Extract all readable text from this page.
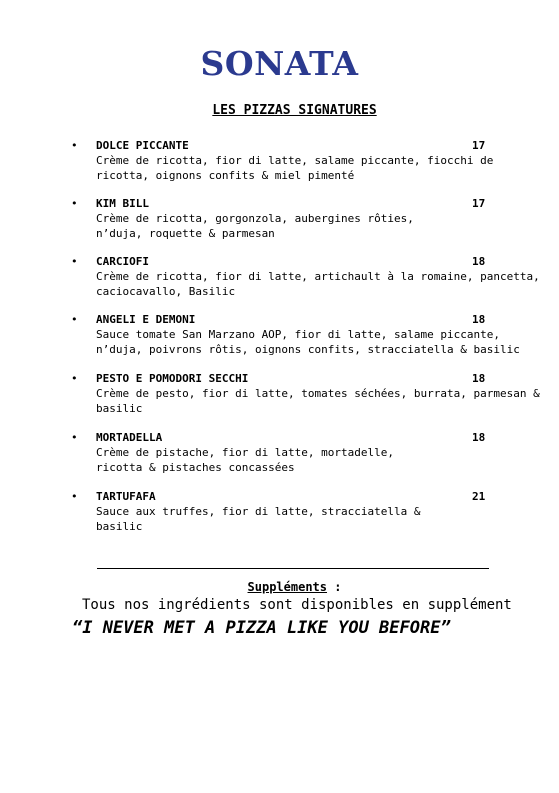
SONATA
LES PIZZAS SIGNATURES
• DOLCE PICCANTE	17
Crème de ricotta, fior di latte, salame piccante, fiocchi de
ricotta, oignons confits & miel pimenté
• KIM BILL	17
Crème de ricotta, gorgonzola, aubergines rôties,
n’duja, roquette & parmesan
• CARCIOFI	18
Crème de ricotta, fior di latte, artichault à la romaine, pancetta,
caciocavallo, Basilic
• ANGELI E DEMONI	18
Sauce tomate San Marzano AOP, fior di latte, salame piccante,
n’duja, poivrons rôtis, oignons confits, stracciatella & basilic
• PESTO E POMODORI SECCHI	18
Crème de pesto, fior di latte, tomates séchées, burrata, parmesan &
basilic
• MORTADELLA	18
Crème de pistache, fior di latte, mortadelle,
ricotta & pistaches concassées
• TARTUFAFA	21
Sauce aux truffes, fior di latte, stracciatella &
basilic
Suppléments :
Tous nos ingrédients sont disponibles en supplément
“I NEVER MET A PIZZA LIKE YOU BEFORE”
